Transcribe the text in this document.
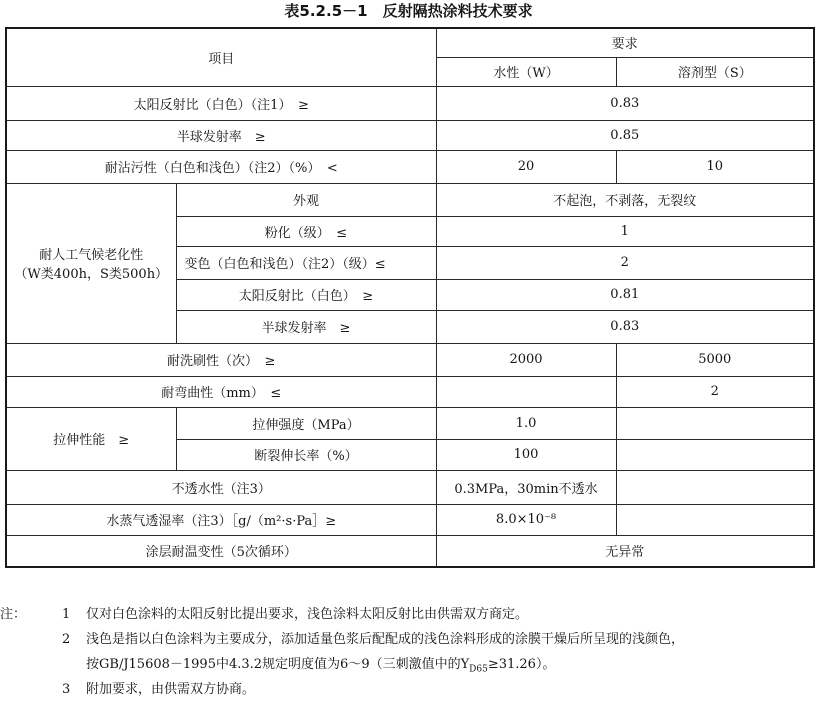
表5.2.5－1　反射隔热涂料技术要求
项目		要求	
		水性（W）	溶剂型（S）
太阳反射比（白色）（注1）　≥		0.83	
半球发射率　≥		0.85	
耐沾污性（白色和浅色）（注2）（%）　<		20	10

耐人工气候老化性
（W类400h，S类500h）	外观	不起泡，不剥落，无裂纹	
	粉化（级）　≤	1	
	变色（白色和浅色）（注2）（级）≤	2	
	太阳反射比（白色）　≥	0.81	
	半球发射率　≥	0.83	
耐洗刷性（次）　≥		2000	5000
耐弯曲性（mm）　≤			2
拉伸性能　≥	拉伸强度（MPa）	1.0	
	断裂伸长率（%）	100	
不透水性（注3）		0.3MPa，30min不透水	
水蒸气透湿率（注3）［g/（m²·s·Pa］≥		8.0×10⁻⁸	
涂层耐温变性（5次循环）		无异常	
注：	1 仅对白色涂料的太阳反射比提出要求，浅色涂料太阳反射比由供需双方商定。
2 浅色是指以白色涂料为主要成分，添加适量色浆后配配成的浅色涂料形成的涂膜干燥后所呈现的浅颜色，
按GB/J15608－1995中4.3.2规定明度值为6～9（三刺激值中的$Y_{D65}\ge 31.26$）。
3 附加要求，由供需双方协商。
